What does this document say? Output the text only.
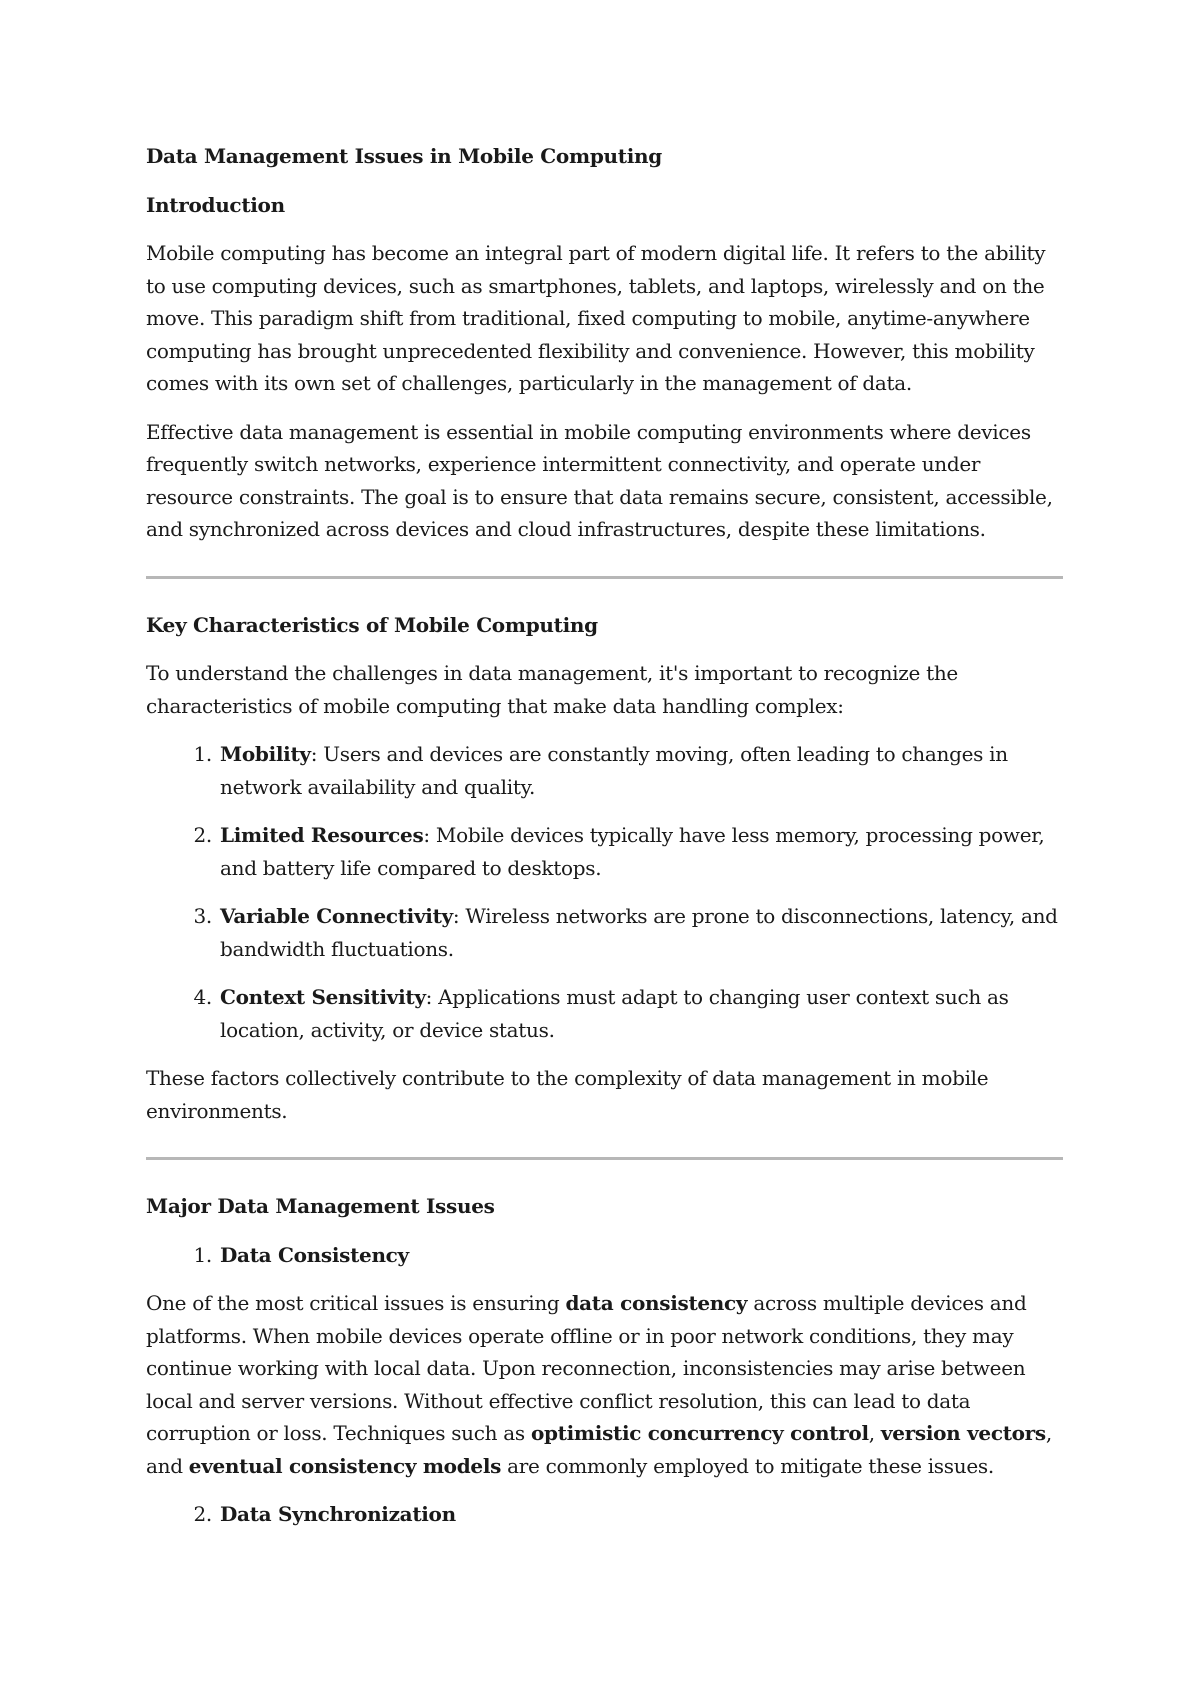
Data Management Issues in Mobile Computing
Introduction

Mobile computing has become an integral part of modern digital life. It refers to the ability to use computing devices, such as smartphones, tablets, and laptops, wirelessly and on the move. This paradigm shift from traditional, fixed computing to mobile, anytime-anywhere computing has brought unprecedented flexibility and convenience. However, this mobility comes with its own set of challenges, particularly in the management of data.

Effective data management is essential in mobile computing environments where devices frequently switch networks, experience intermittent connectivity, and operate under resource constraints. The goal is to ensure that data remains secure, consistent, accessible, and synchronized across devices and cloud infrastructures, despite these limitations.

Key Characteristics of Mobile Computing

To understand the challenges in data management, it's important to recognize the characteristics of mobile computing that make data handling complex:

1. Mobility: Users and devices are constantly moving, often leading to changes in network availability and quality.
2. Limited Resources: Mobile devices typically have less memory, processing power, and battery life compared to desktops.
3. Variable Connectivity: Wireless networks are prone to disconnections, latency, and bandwidth fluctuations.
4. Context Sensitivity: Applications must adapt to changing user context such as location, activity, or device status.

These factors collectively contribute to the complexity of data management in mobile environments.

Major Data Management Issues
1. Data Consistency

One of the most critical issues is ensuring data consistency across multiple devices and platforms. When mobile devices operate offline or in poor network conditions, they may continue working with local data. Upon reconnection, inconsistencies may arise between local and server versions. Without effective conflict resolution, this can lead to data corruption or loss. Techniques such as optimistic concurrency control, version vectors, and eventual consistency models are commonly employed to mitigate these issues.

2. Data Synchronization
